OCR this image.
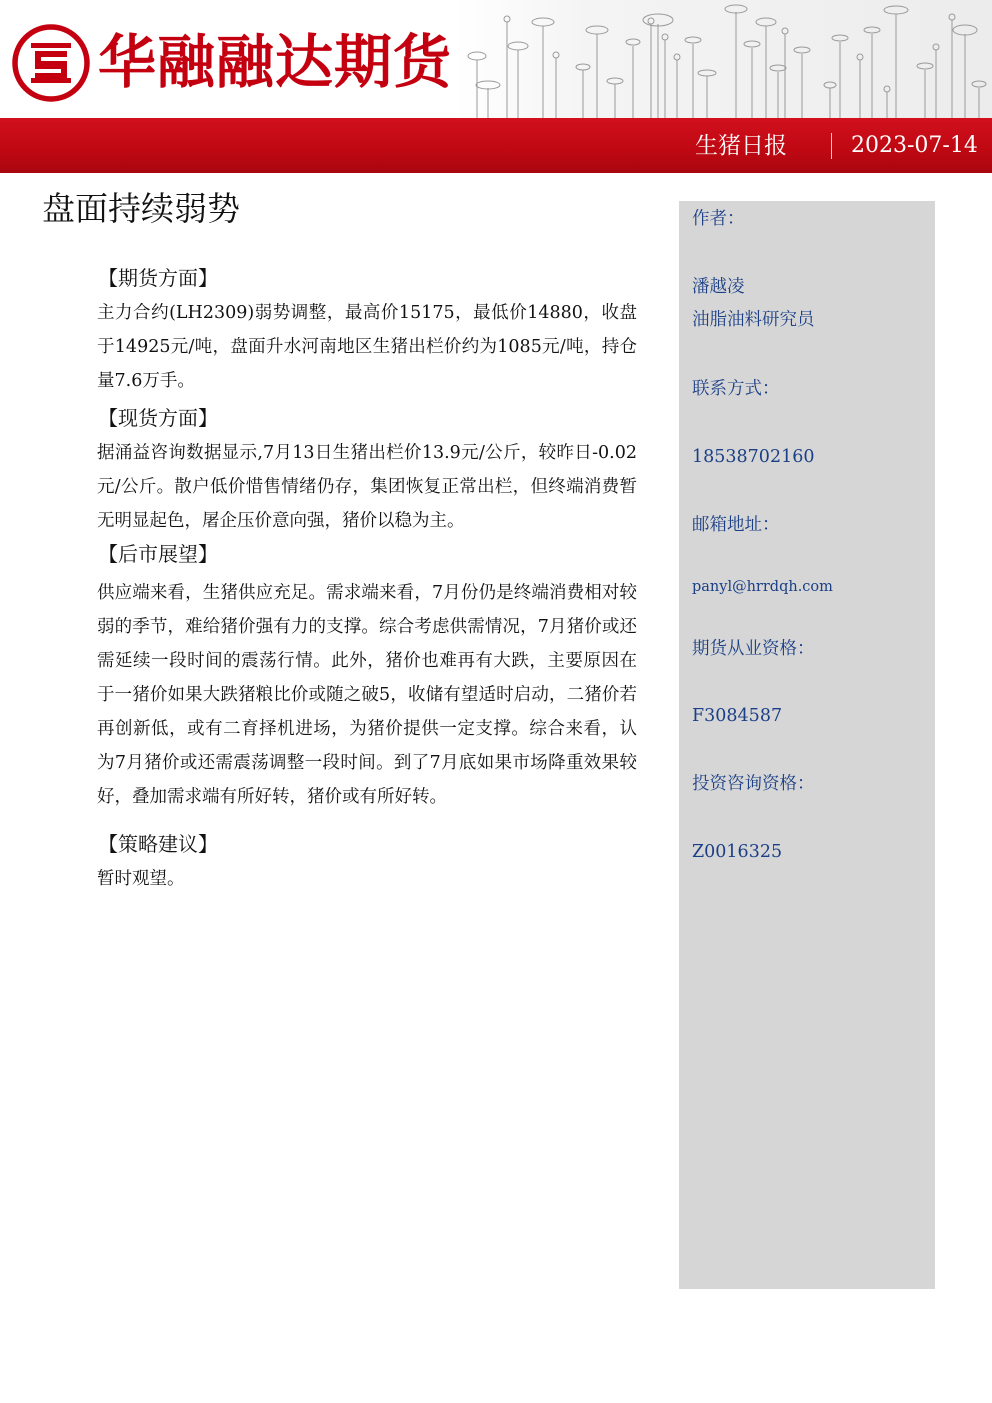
华融融达期货
生猪日报	2023-07-14
盘面持续弱势
【期货方面】

主力合约(LH2309)弱势调整，最高价15175，最低价14880，收盘于14925元/吨，盘面升水河南地区生猪出栏价约为1085元/吨，持仓量7.6万手。

【现货方面】

据涌益咨询数据显示,7月13日生猪出栏价13.9元/公斤，较昨日-0.02元/公斤。散户低价惜售情绪仍存，集团恢复正常出栏，但终端消费暂无明显起色，屠企压价意向强，猪价以稳为主。

【后市展望】

供应端来看，生猪供应充足。需求端来看，7月份仍是终端消费相对较弱的季节，难给猪价强有力的支撑。综合考虑供需情况，7月猪价或还需延续一段时间的震荡行情。此外，猪价也难再有大跌，主要原因在于一猪价如果大跌猪粮比价或随之破5，收储有望适时启动，二猪价若再创新低，或有二育择机进场，为猪价提供一定支撑。综合来看，认为7月猪价或还需震荡调整一段时间。到了7月底如果市场降重效果较好，叠加需求端有所好转，猪价或有所好转。

【策略建议】

暂时观望。

作者：
潘越凌
油脂油料研究员
联系方式：
18538702160
邮箱地址：
panyl@hrrdqh.com
期货从业资格：
F3084587
投资咨询资格：
Z0016325
